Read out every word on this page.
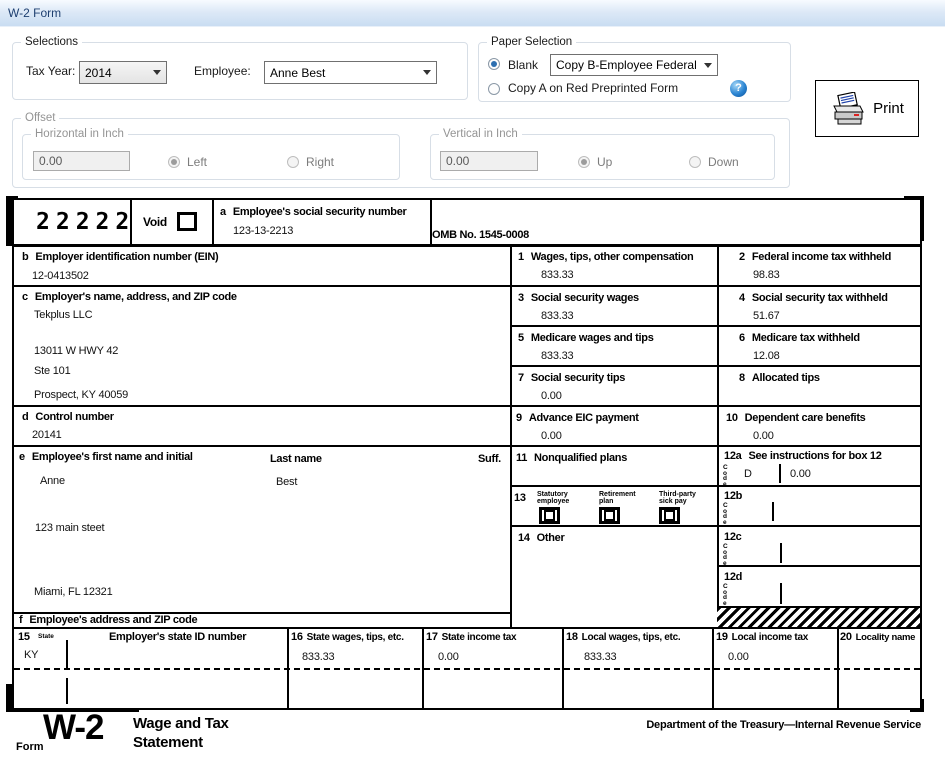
W-2 Form
Selections
Tax Year: 2014	Employee: Anne Best
Paper Selection
Blank Copy B-Employee Federal
Copy A on Red Preprinted Form	?
Print
Offset
Horizontal in Inch
0.00	Left	Right
Vertical in Inch
0.00	Up	Down
22222 Void
a Employee's social security number
123-13-2213	OMB No. 1545-0008
b Employer identification number (EIN)
12-0413502
c Employer's name, address, and ZIP code
Tekplus LLC
13011 W HWY 42
Ste 101
Prospect, KY 40059
d Control number
20141
e Employee's first name and initial	Last name	Suff.
Anne	Best
123 main steet
Miami, FL 12321
f Employee's address and ZIP code
1 Wages, tips, other compensation
833.33
2 Federal income tax withheld
98.83
3 Social security wages
833.33
4 Social security tax withheld
51.67
5 Medicare wages and tips
833.33
6 Medicare tax withheld
12.08
7 Social security tips
0.00
8 Allocated tips
9 Advance EIC payment
0.00
10 Dependent care benefits
0.00
11 Nonqualified plans	12a See instructions for box 12
Code
D	0.00
13 Statutory employee
Retirement plan
Third-party sick pay	12b
Code
14 Other	12c
Code
12d
Code
15	State	Employer's state ID number
KY
16 State wages, tips, etc.
833.33
17 State income tax
0.00
18 Local wages, tips, etc.
833.33
19 Local income tax
0.00
20 Locality name
Form W-2 Wage and Tax
Statement
Department of the Treasury—Internal Revenue Service
